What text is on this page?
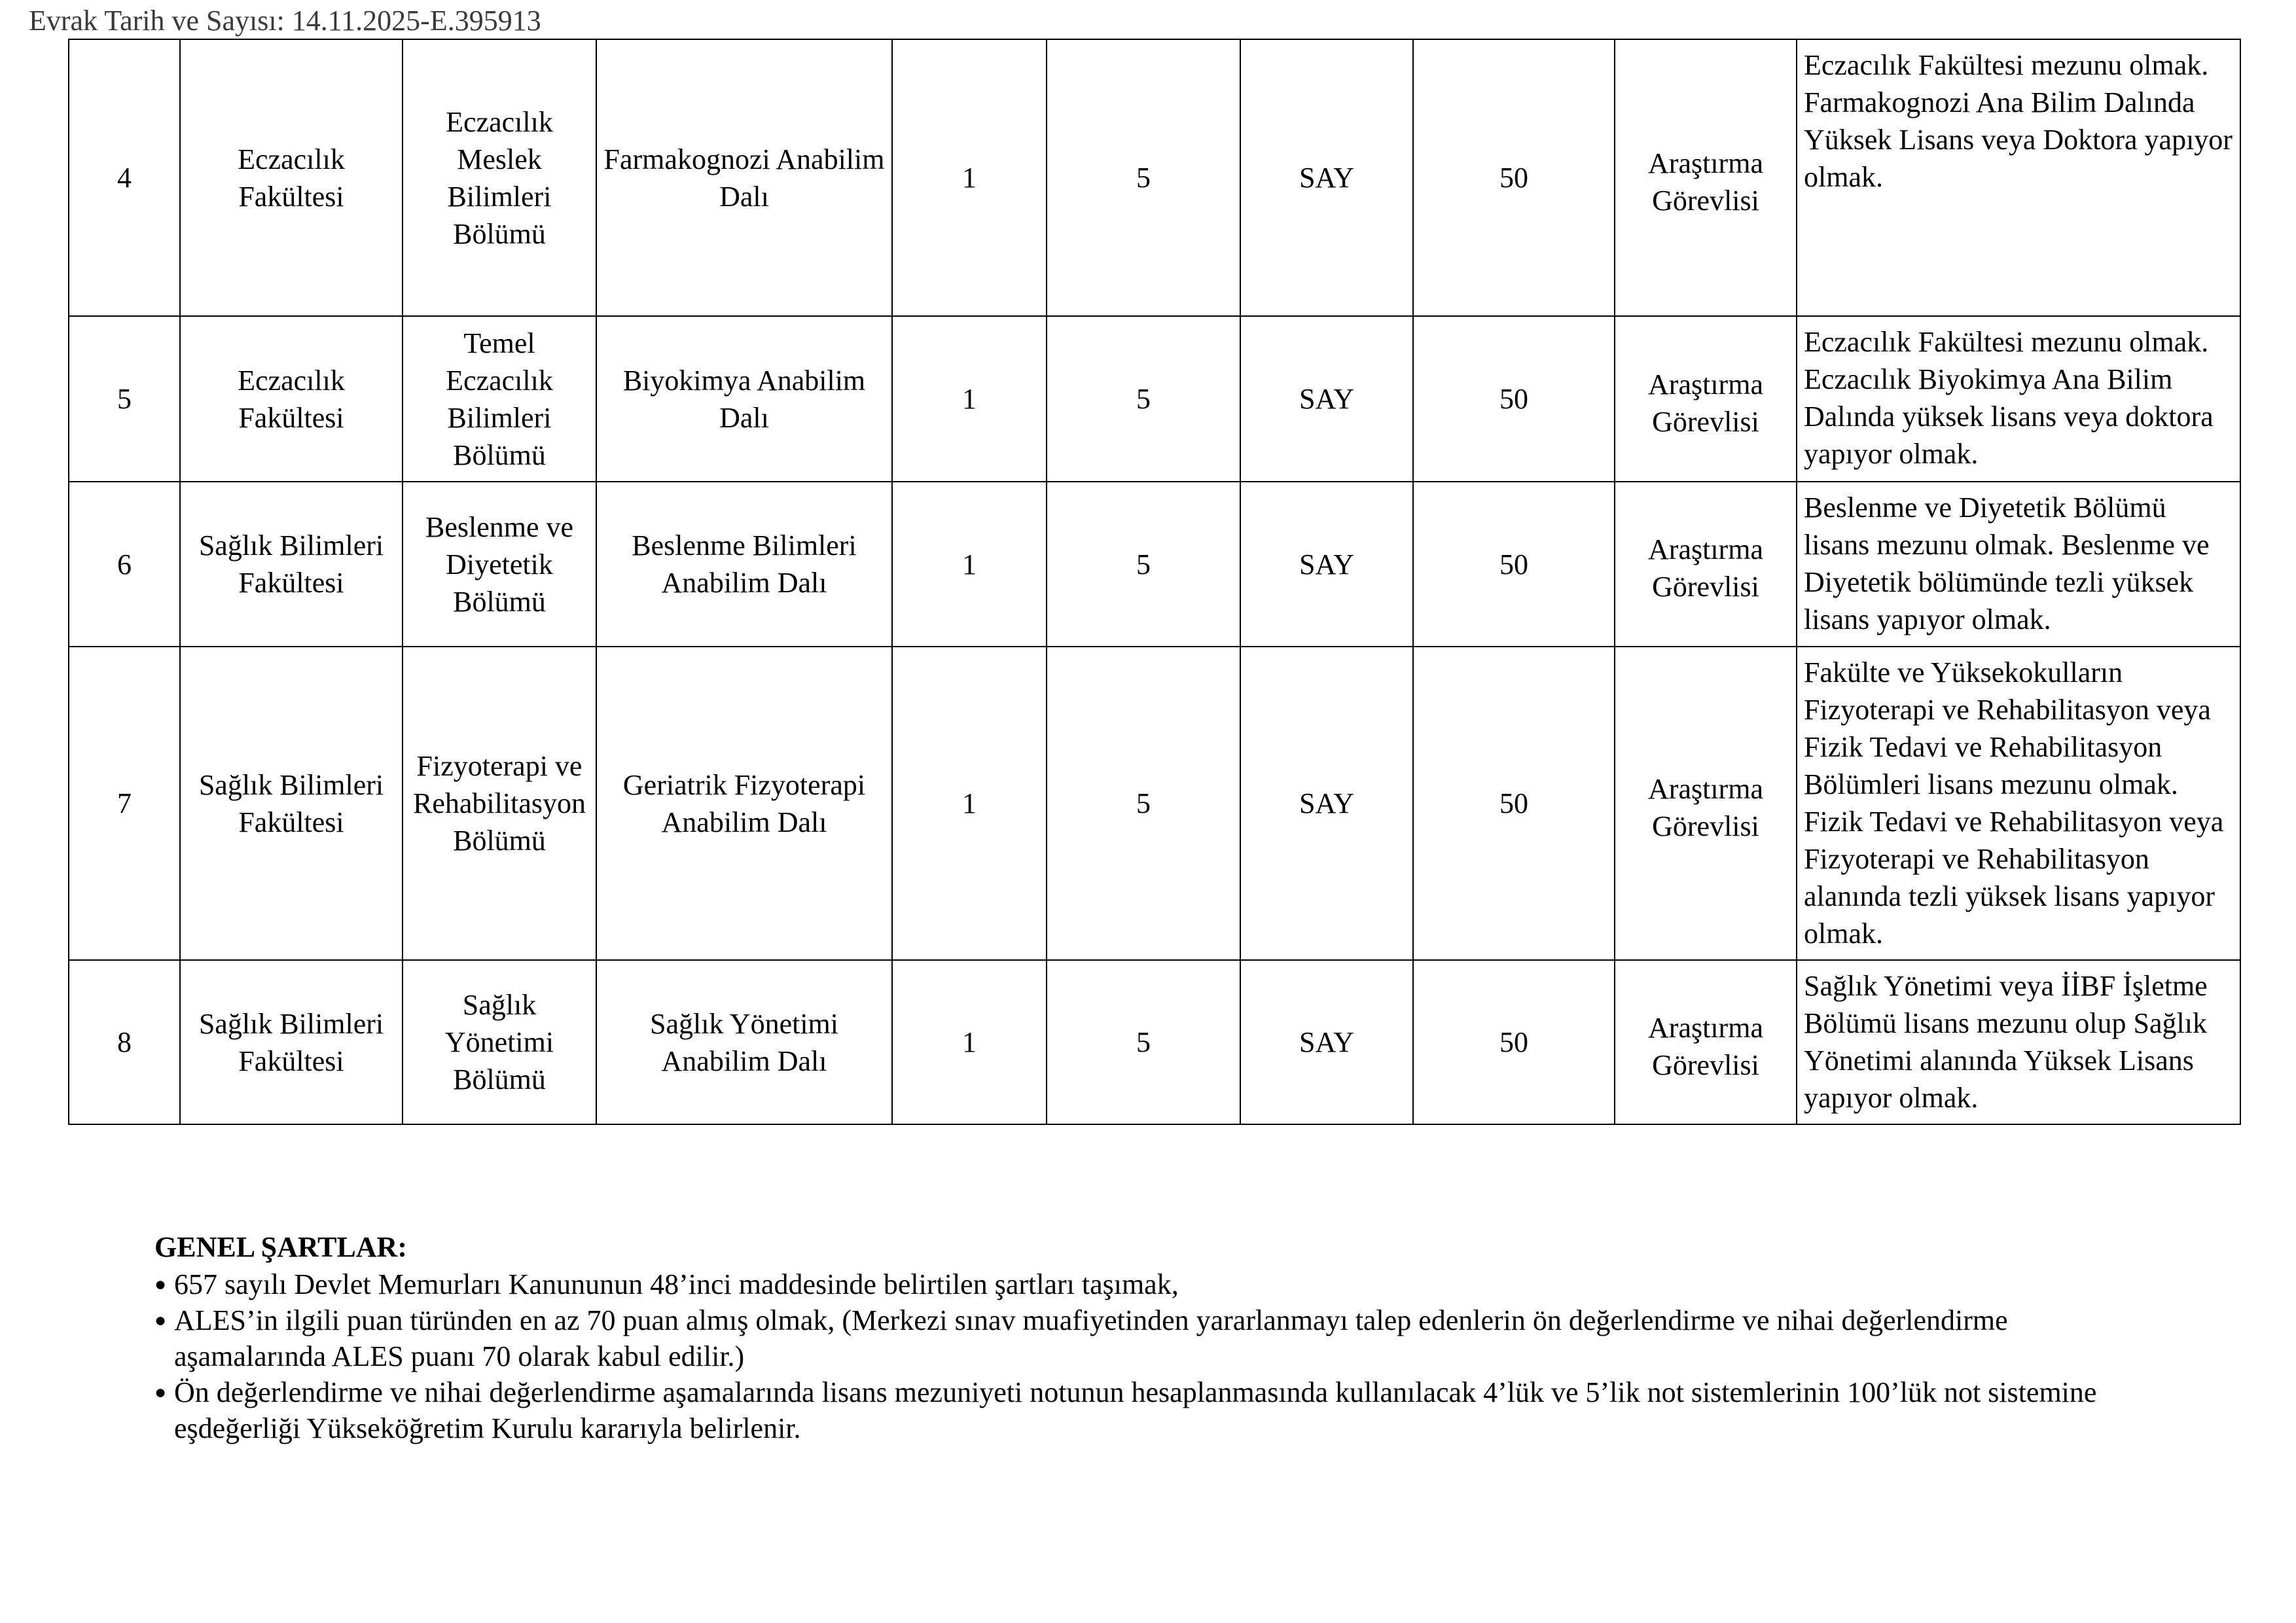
Evrak Tarih ve Sayısı: 14.11.2025-E.395913
4	Eczacılık Fakültesi	Eczacılık Meslek Bilimleri Bölümü	Farmakognozi Anabilim Dalı	1	5	SAY	50	Araştırma Görevlisi	Eczacılık Fakültesi mezunu olmak. Farmakognozi Ana Bilim Dalında Yüksek Lisans veya Doktora yapıyor olmak.

5	Eczacılık Fakültesi	Temel Eczacılık Bilimleri Bölümü	Biyokimya Anabilim Dalı	1	5	SAY	50	Araştırma Görevlisi	Eczacılık Fakültesi mezunu olmak. Eczacılık Biyokimya Ana Bilim Dalında yüksek lisans veya doktora yapıyor olmak.

6	Sağlık Bilimleri Fakültesi	Beslenme ve Diyetetik Bölümü	Beslenme Bilimleri Anabilim Dalı	1	5	SAY	50	Araştırma Görevlisi	Beslenme ve Diyetetik Bölümü lisans mezunu olmak. Beslenme ve Diyetetik bölümünde tezli yüksek lisans yapıyor olmak.

7	Sağlık Bilimleri Fakültesi	Fizyoterapi ve Rehabilitasyon Bölümü	Geriatrik Fizyoterapi Anabilim Dalı	1	5	SAY	50	Araştırma Görevlisi	Fakülte ve Yüksekokulların Fizyoterapi ve Rehabilitasyon veya Fizik Tedavi ve Rehabilitasyon Bölümleri lisans mezunu olmak. Fizik Tedavi ve Rehabilitasyon veya Fizyoterapi ve Rehabilitasyon alanında tezli yüksek lisans yapıyor olmak.

8	Sağlık Bilimleri Fakültesi	Sağlık Yönetimi Bölümü	Sağlık Yönetimi Anabilim Dalı	1	5	SAY	50	Araştırma Görevlisi	Sağlık Yönetimi veya İİBF İşletme Bölümü lisans mezunu olup Sağlık Yönetimi alanında Yüksek Lisans yapıyor olmak.
GENEL ŞARTLAR:
● 657 sayılı Devlet Memurları Kanununun 48’inci maddesinde belirtilen şartları taşımak,
● ALES’in ilgili puan türünden en az 70 puan almış olmak, (Merkezi sınav muafiyetinden yararlanmayı talep edenlerin ön değerlendirme ve nihai değerlendirme aşamalarında ALES puanı 70 olarak kabul edilir.)
● Ön değerlendirme ve nihai değerlendirme aşamalarında lisans mezuniyeti notunun hesaplanmasında kullanılacak 4’lük ve 5’lik not sistemlerinin 100’lük not sistemine eşdeğerliği Yükseköğretim Kurulu kararıyla belirlenir.
